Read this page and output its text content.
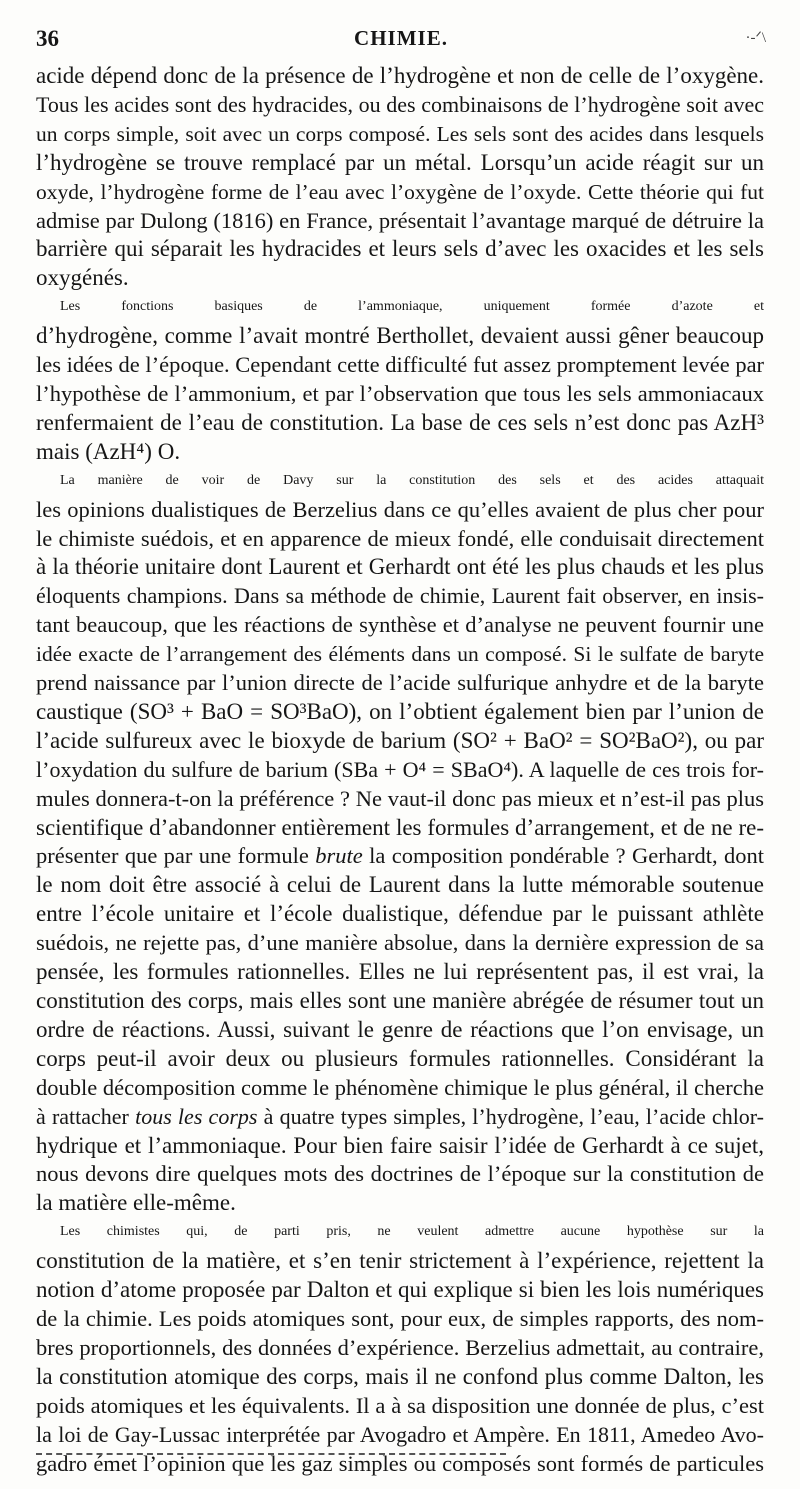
36	CHIMIE.	·-ᐟ\
acide dépend donc de la présence de l’hydrogène et non de celle de l’oxygène.
Tous les acides sont des hydracides, ou des combinaisons de l’hydrogène soit avec
un corps simple, soit avec un corps composé. Les sels sont des acides dans lesquels
l’hydrogène se trouve remplacé par un métal. Lorsqu’un acide réagit sur un
oxyde, l’hydrogène forme de l’eau avec l’oxygène de l’oxyde. Cette théorie qui fut
admise par Dulong (1816) en France, présentait l’avantage marqué de détruire la
barrière qui séparait les hydracides et leurs sels d’avec les oxacides et les sels
oxygénés.
Les fonctions basiques de l’ammoniaque, uniquement formée d’azote et
d’hydrogène, comme l’avait montré Berthollet, devaient aussi gêner beaucoup
les idées de l’époque. Cependant cette difficulté fut assez promptement levée par
l’hypothèse de l’ammonium, et par l’observation que tous les sels ammoniacaux
renfermaient de l’eau de constitution. La base de ces sels n’est donc pas AzH³
mais (AzH⁴) O.
La manière de voir de Davy sur la constitution des sels et des acides attaquait
les opinions dualistiques de Berzelius dans ce qu’elles avaient de plus cher pour
le chimiste suédois, et en apparence de mieux fondé, elle conduisait directement
à la théorie unitaire dont Laurent et Gerhardt ont été les plus chauds et les plus
éloquents champions. Dans sa méthode de chimie, Laurent fait observer, en insis-
tant beaucoup, que les réactions de synthèse et d’analyse ne peuvent fournir une
idée exacte de l’arrangement des éléments dans un composé. Si le sulfate de baryte
prend naissance par l’union directe de l’acide sulfurique anhydre et de la baryte
caustique (SO³ + BaO = SO³BaO), on l’obtient également bien par l’union de
l’acide sulfureux avec le bioxyde de barium (SO² + BaO² = SO²BaO²), ou par
l’oxydation du sulfure de barium (SBa + O⁴ = SBaO⁴). A laquelle de ces trois for-
mules donnera-t-on la préférence ? Ne vaut-il donc pas mieux et n’est-il pas plus
scientifique d’abandonner entièrement les formules d’arrangement, et de ne re-
présenter que par une formule brute la composition pondérable ? Gerhardt, dont
le nom doit être associé à celui de Laurent dans la lutte mémorable soutenue
entre l’école unitaire et l’école dualistique, défendue par le puissant athlète
suédois, ne rejette pas, d’une manière absolue, dans la dernière expression de sa
pensée, les formules rationnelles. Elles ne lui représentent pas, il est vrai, la
constitution des corps, mais elles sont une manière abrégée de résumer tout un
ordre de réactions. Aussi, suivant le genre de réactions que l’on envisage, un
corps peut-il avoir deux ou plusieurs formules rationnelles. Considérant la
double décomposition comme le phénomène chimique le plus général, il cherche
à rattacher tous les corps à quatre types simples, l’hydrogène, l’eau, l’acide chlor-
hydrique et l’ammoniaque. Pour bien faire saisir l’idée de Gerhardt à ce sujet,
nous devons dire quelques mots des doctrines de l’époque sur la constitution de
la matière elle-même.
Les chimistes qui, de parti pris, ne veulent admettre aucune hypothèse sur la
constitution de la matière, et s’en tenir strictement à l’expérience, rejettent la
notion d’atome proposée par Dalton et qui explique si bien les lois numériques
de la chimie. Les poids atomiques sont, pour eux, de simples rapports, des nom-
bres proportionnels, des données d’expérience. Berzelius admettait, au contraire,
la constitution atomique des corps, mais il ne confond plus comme Dalton, les
poids atomiques et les équivalents. Il a à sa disposition une donnée de plus, c’est
la loi de Gay-Lussac interprétée par Avogadro et Ampère. En 1811, Amedeo Avo-
gadro émet l’opinion que les gaz simples ou composés sont formés de particules
